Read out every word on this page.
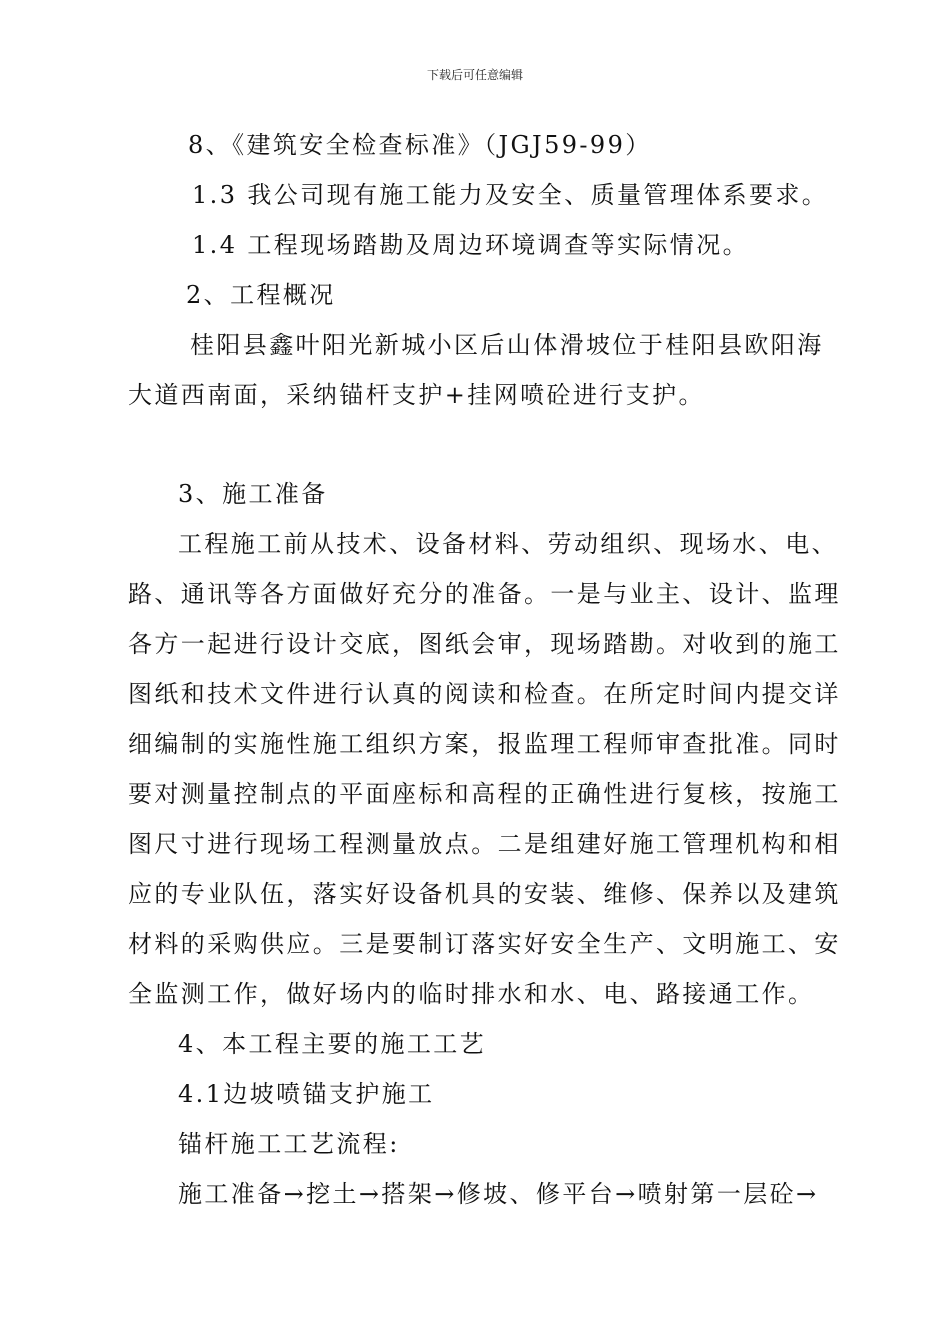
下载后可任意编辑
8、《建筑安全检查标准》（JGJ59-99）
1.3 我公司现有施工能力及安全、质量管理体系要求。
1.4 工程现场踏勘及周边环境调查等实际情况。
2、工程概况
桂阳县鑫叶阳光新城小区后山体滑坡位于桂阳县欧阳海
大道西南面，采纳锚杆支护+挂网喷砼进行支护。
3、施工准备
工程施工前从技术、设备材料、劳动组织、现场水、电、
路、通讯等各方面做好充分的准备。一是与业主、设计、监理
各方一起进行设计交底，图纸会审，现场踏勘。对收到的施工
图纸和技术文件进行认真的阅读和检查。在所定时间内提交详
细编制的实施性施工组织方案，报监理工程师审查批准。同时
要对测量控制点的平面座标和高程的正确性进行复核，按施工
图尺寸进行现场工程测量放点。二是组建好施工管理机构和相
应的专业队伍，落实好设备机具的安装、维修、保养以及建筑
材料的采购供应。三是要制订落实好安全生产、文明施工、安
全监测工作，做好场内的临时排水和水、电、路接通工作。
4、本工程主要的施工工艺
4.1边坡喷锚支护施工
锚杆施工工艺流程:
施工准备→挖土→搭架→修坡、修平台→喷射第一层砼→
